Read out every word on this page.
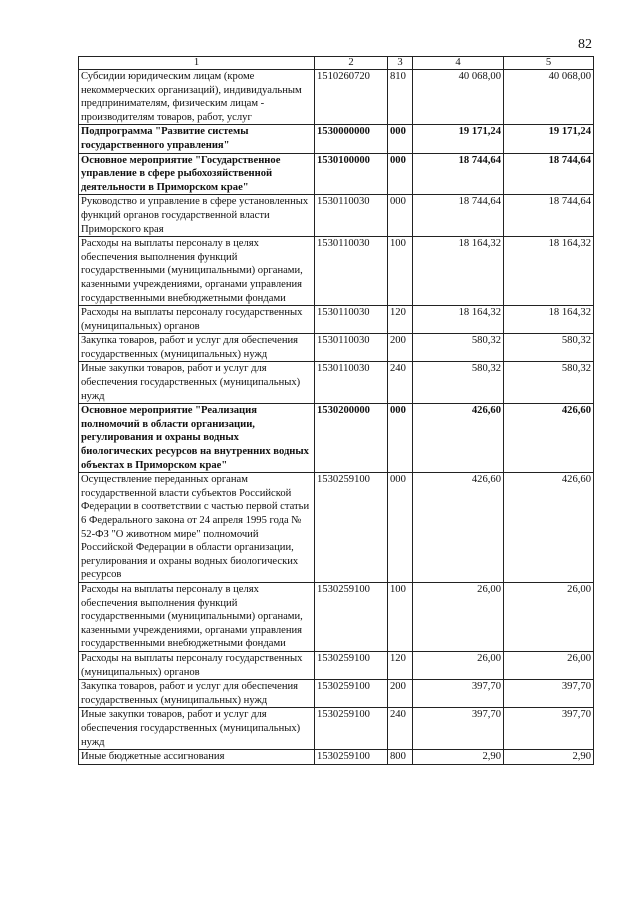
82
1	2	3	4	5
Субсидии юридическим лицам (кроме некоммерческих организаций), индивидуальным предпринимателям, физическим лицам - производителям товаров, работ, услуг	1510260720	810	40 068,00	40 068,00
Подпрограмма "Развитие системы государственного управления"	1530000000	000	19 171,24	19 171,24
Основное мероприятие "Государственное управление в сфере рыбохозяйственной деятельности в Приморском крае"	1530100000	000	18 744,64	18 744,64
Руководство и управление в сфере установленных функций органов государственной власти Приморского края	1530110030	000	18 744,64	18 744,64
Расходы на выплаты персоналу в целях обеспечения выполнения функций государственными (муниципальными) органами, казенными учреждениями, органами управления государственными внебюджетными фондами	1530110030	100	18 164,32	18 164,32
Расходы на выплаты персоналу государственных (муниципальных) органов	1530110030	120	18 164,32	18 164,32
Закупка товаров, работ и услуг для обеспечения государственных (муниципальных) нужд	1530110030	200	580,32	580,32
Иные закупки товаров, работ и услуг для обеспечения государственных (муниципальных) нужд	1530110030	240	580,32	580,32
Основное мероприятие "Реализация полномочий в области организации, регулирования и охраны водных биологических ресурсов на внутренних водных объектах в Приморском крае"	1530200000	000	426,60	426,60
Осуществление переданных органам государственной власти субъектов Российской Федерации в соответствии с частью первой статьи 6 Федерального закона от 24 апреля 1995 года № 52-ФЗ "О животном мире" полномочий Российской Федерации в области организации, регулирования и охраны водных биологических ресурсов	1530259100	000	426,60	426,60
Расходы на выплаты персоналу в целях обеспечения выполнения функций государственными (муниципальными) органами, казенными учреждениями, органами управления государственными внебюджетными фондами	1530259100	100	26,00	26,00
Расходы на выплаты персоналу государственных (муниципальных) органов	1530259100	120	26,00	26,00
Закупка товаров, работ и услуг для обеспечения государственных (муниципальных) нужд	1530259100	200	397,70	397,70
Иные закупки товаров, работ и услуг для обеспечения государственных (муниципальных) нужд	1530259100	240	397,70	397,70
Иные бюджетные ассигнования	1530259100	800	2,90	2,90
